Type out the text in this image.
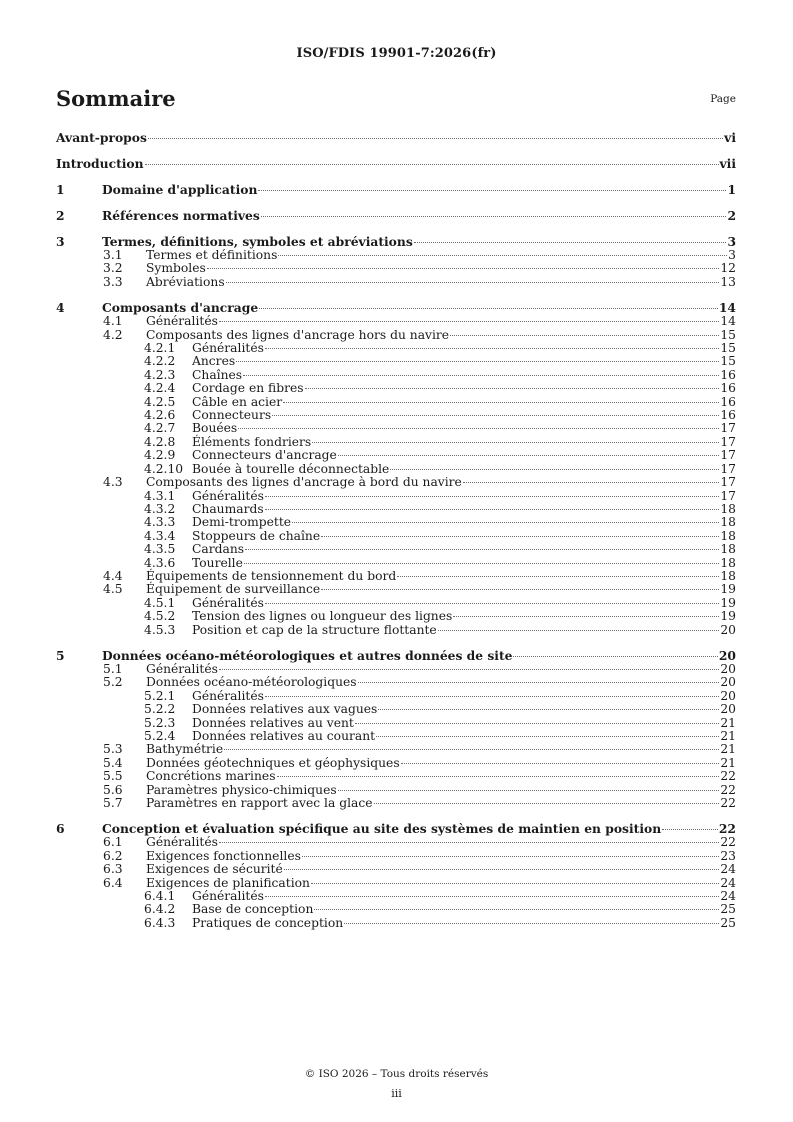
ISO/FDIS 19901-7:2026(fr)
Sommaire	Page
Avant-propos	vi
Introduction	vii
1	Domaine d'application	1
2	Références normatives	2
3	Termes, définitions, symboles et abréviations	3
3.1	Termes et définitions	3
3.2	Symboles	12
3.3	Abréviations	13
4	Composants d'ancrage	14
4.1	Généralités	14
4.2	Composants des lignes d'ancrage hors du navire	15
4.2.1	Généralités	15
4.2.2	Ancres	15
4.2.3	Chaînes	16
4.2.4	Cordage en fibres	16
4.2.5	Câble en acier	16
4.2.6	Connecteurs	16
4.2.7	Bouées	17
4.2.8	Éléments fondriers	17
4.2.9	Connecteurs d'ancrage	17
4.2.10 Bouée à tourelle déconnectable	17
4.3	Composants des lignes d'ancrage à bord du navire	17
4.3.1	Généralités	17
4.3.2	Chaumards	18
4.3.3	Demi-trompette	18
4.3.4	Stoppeurs de chaîne	18
4.3.5	Cardans	18
4.3.6	Tourelle	18
4.4	Équipements de tensionnement du bord	18
4.5	Équipement de surveillance	19
4.5.1	Généralités	19
4.5.2	Tension des lignes ou longueur des lignes	19
4.5.3	Position et cap de la structure flottante	20
5	Données océano-météorologiques et autres données de site	20
5.1	Généralités	20
5.2	Données océano-météorologiques	20
5.2.1	Généralités	20
5.2.2	Données relatives aux vagues	20
5.2.3	Données relatives au vent	21
5.2.4	Données relatives au courant	21
5.3	Bathymétrie	21
5.4	Données géotechniques et géophysiques	21
5.5	Concrétions marines	22
5.6	Paramètres physico-chimiques	22
5.7	Paramètres en rapport avec la glace	22
6	Conception et évaluation spécifique au site des systèmes de maintien en position	22
6.1	Généralités	22
6.2	Exigences fonctionnelles	23
6.3	Exigences de sécurité	24
6.4	Exigences de planification	24
6.4.1	Généralités	24
6.4.2	Base de conception	25
6.4.3	Pratiques de conception	25
© ISO 2026 – Tous droits réservés
iii
